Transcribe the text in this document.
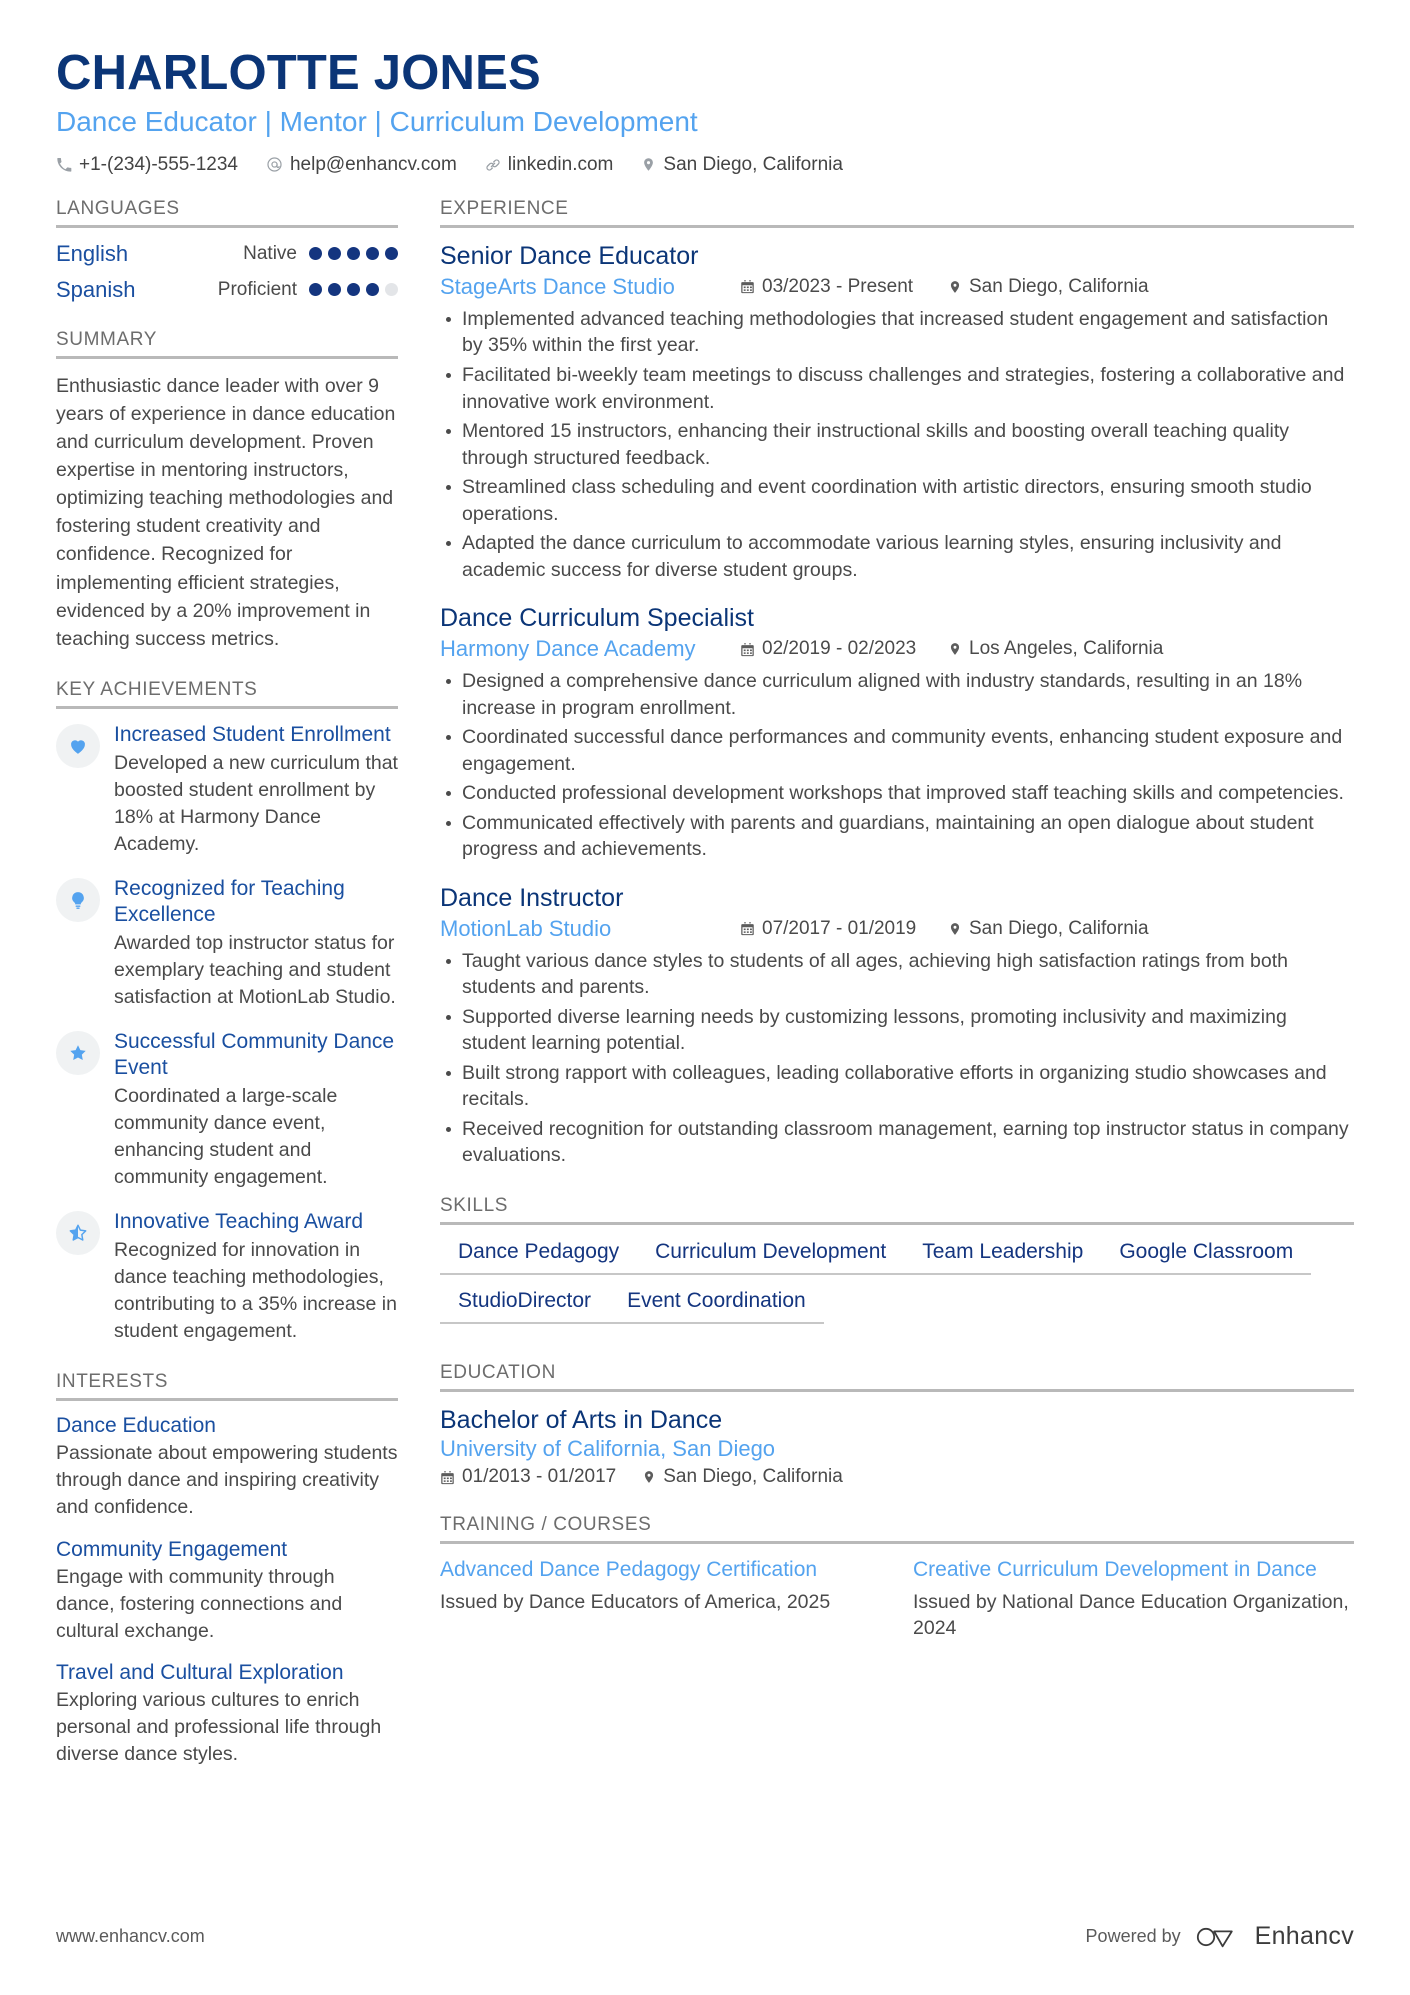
CHARLOTTE JONES
Dance Educator | Mentor | Curriculum Development
+1-(234)-555-1234	help@enhancv.com	linkedin.com	San Diego, California
LANGUAGES
English	Native
Spanish	Proficient
SUMMARY
Enthusiastic dance leader with over 9 years of experience in dance education and curriculum development. Proven expertise in mentoring instructors, optimizing teaching methodologies and fostering student creativity and confidence. Recognized for implementing efficient strategies, evidenced by a 20% improvement in teaching success metrics.
KEY ACHIEVEMENTS
Increased Student Enrollment
Developed a new curriculum that boosted student enrollment by 18% at Harmony Dance Academy.
Recognized for Teaching Excellence
Awarded top instructor status for exemplary teaching and student satisfaction at MotionLab Studio.
Successful Community Dance Event
Coordinated a large-scale community dance event, enhancing student and community engagement.
Innovative Teaching Award
Recognized for innovation in dance teaching methodologies, contributing to a 35% increase in student engagement.
INTERESTS
Dance Education
Passionate about empowering students through dance and inspiring creativity and confidence.
Community Engagement
Engage with community through dance, fostering connections and cultural exchange.
Travel and Cultural Exploration
Exploring various cultures to enrich personal and professional life through diverse dance styles.
EXPERIENCE
Senior Dance Educator
StageArts Dance Studio	03/2023 - Present	San Diego, California
Implemented advanced teaching methodologies that increased student engagement and satisfaction by 35% within the first year.
Facilitated bi-weekly team meetings to discuss challenges and strategies, fostering a collaborative and innovative work environment.
Mentored 15 instructors, enhancing their instructional skills and boosting overall teaching quality through structured feedback.
Streamlined class scheduling and event coordination with artistic directors, ensuring smooth studio operations.
Adapted the dance curriculum to accommodate various learning styles, ensuring inclusivity and academic success for diverse student groups.
Dance Curriculum Specialist
Harmony Dance Academy	02/2019 - 02/2023	Los Angeles, California
Designed a comprehensive dance curriculum aligned with industry standards, resulting in an 18% increase in program enrollment.
Coordinated successful dance performances and community events, enhancing student exposure and engagement.
Conducted professional development workshops that improved staff teaching skills and competencies.
Communicated effectively with parents and guardians, maintaining an open dialogue about student progress and achievements.
Dance Instructor
MotionLab Studio	07/2017 - 01/2019	San Diego, California
Taught various dance styles to students of all ages, achieving high satisfaction ratings from both students and parents.
Supported diverse learning needs by customizing lessons, promoting inclusivity and maximizing student learning potential.
Built strong rapport with colleagues, leading collaborative efforts in organizing studio showcases and recitals.
Received recognition for outstanding classroom management, earning top instructor status in company evaluations.
SKILLS
Dance Pedagogy	Curriculum Development	Team Leadership	Google Classroom
StudioDirector	Event Coordination
EDUCATION
Bachelor of Arts in Dance
University of California, San Diego
01/2013 - 01/2017 San Diego, California
TRAINING / COURSES
Advanced Dance Pedagogy Certification
Issued by Dance Educators of America, 2025
Creative Curriculum Development in Dance
Issued by National Dance Education Organization, 2024
www.enhancv.com	Powered by	Enhancv
